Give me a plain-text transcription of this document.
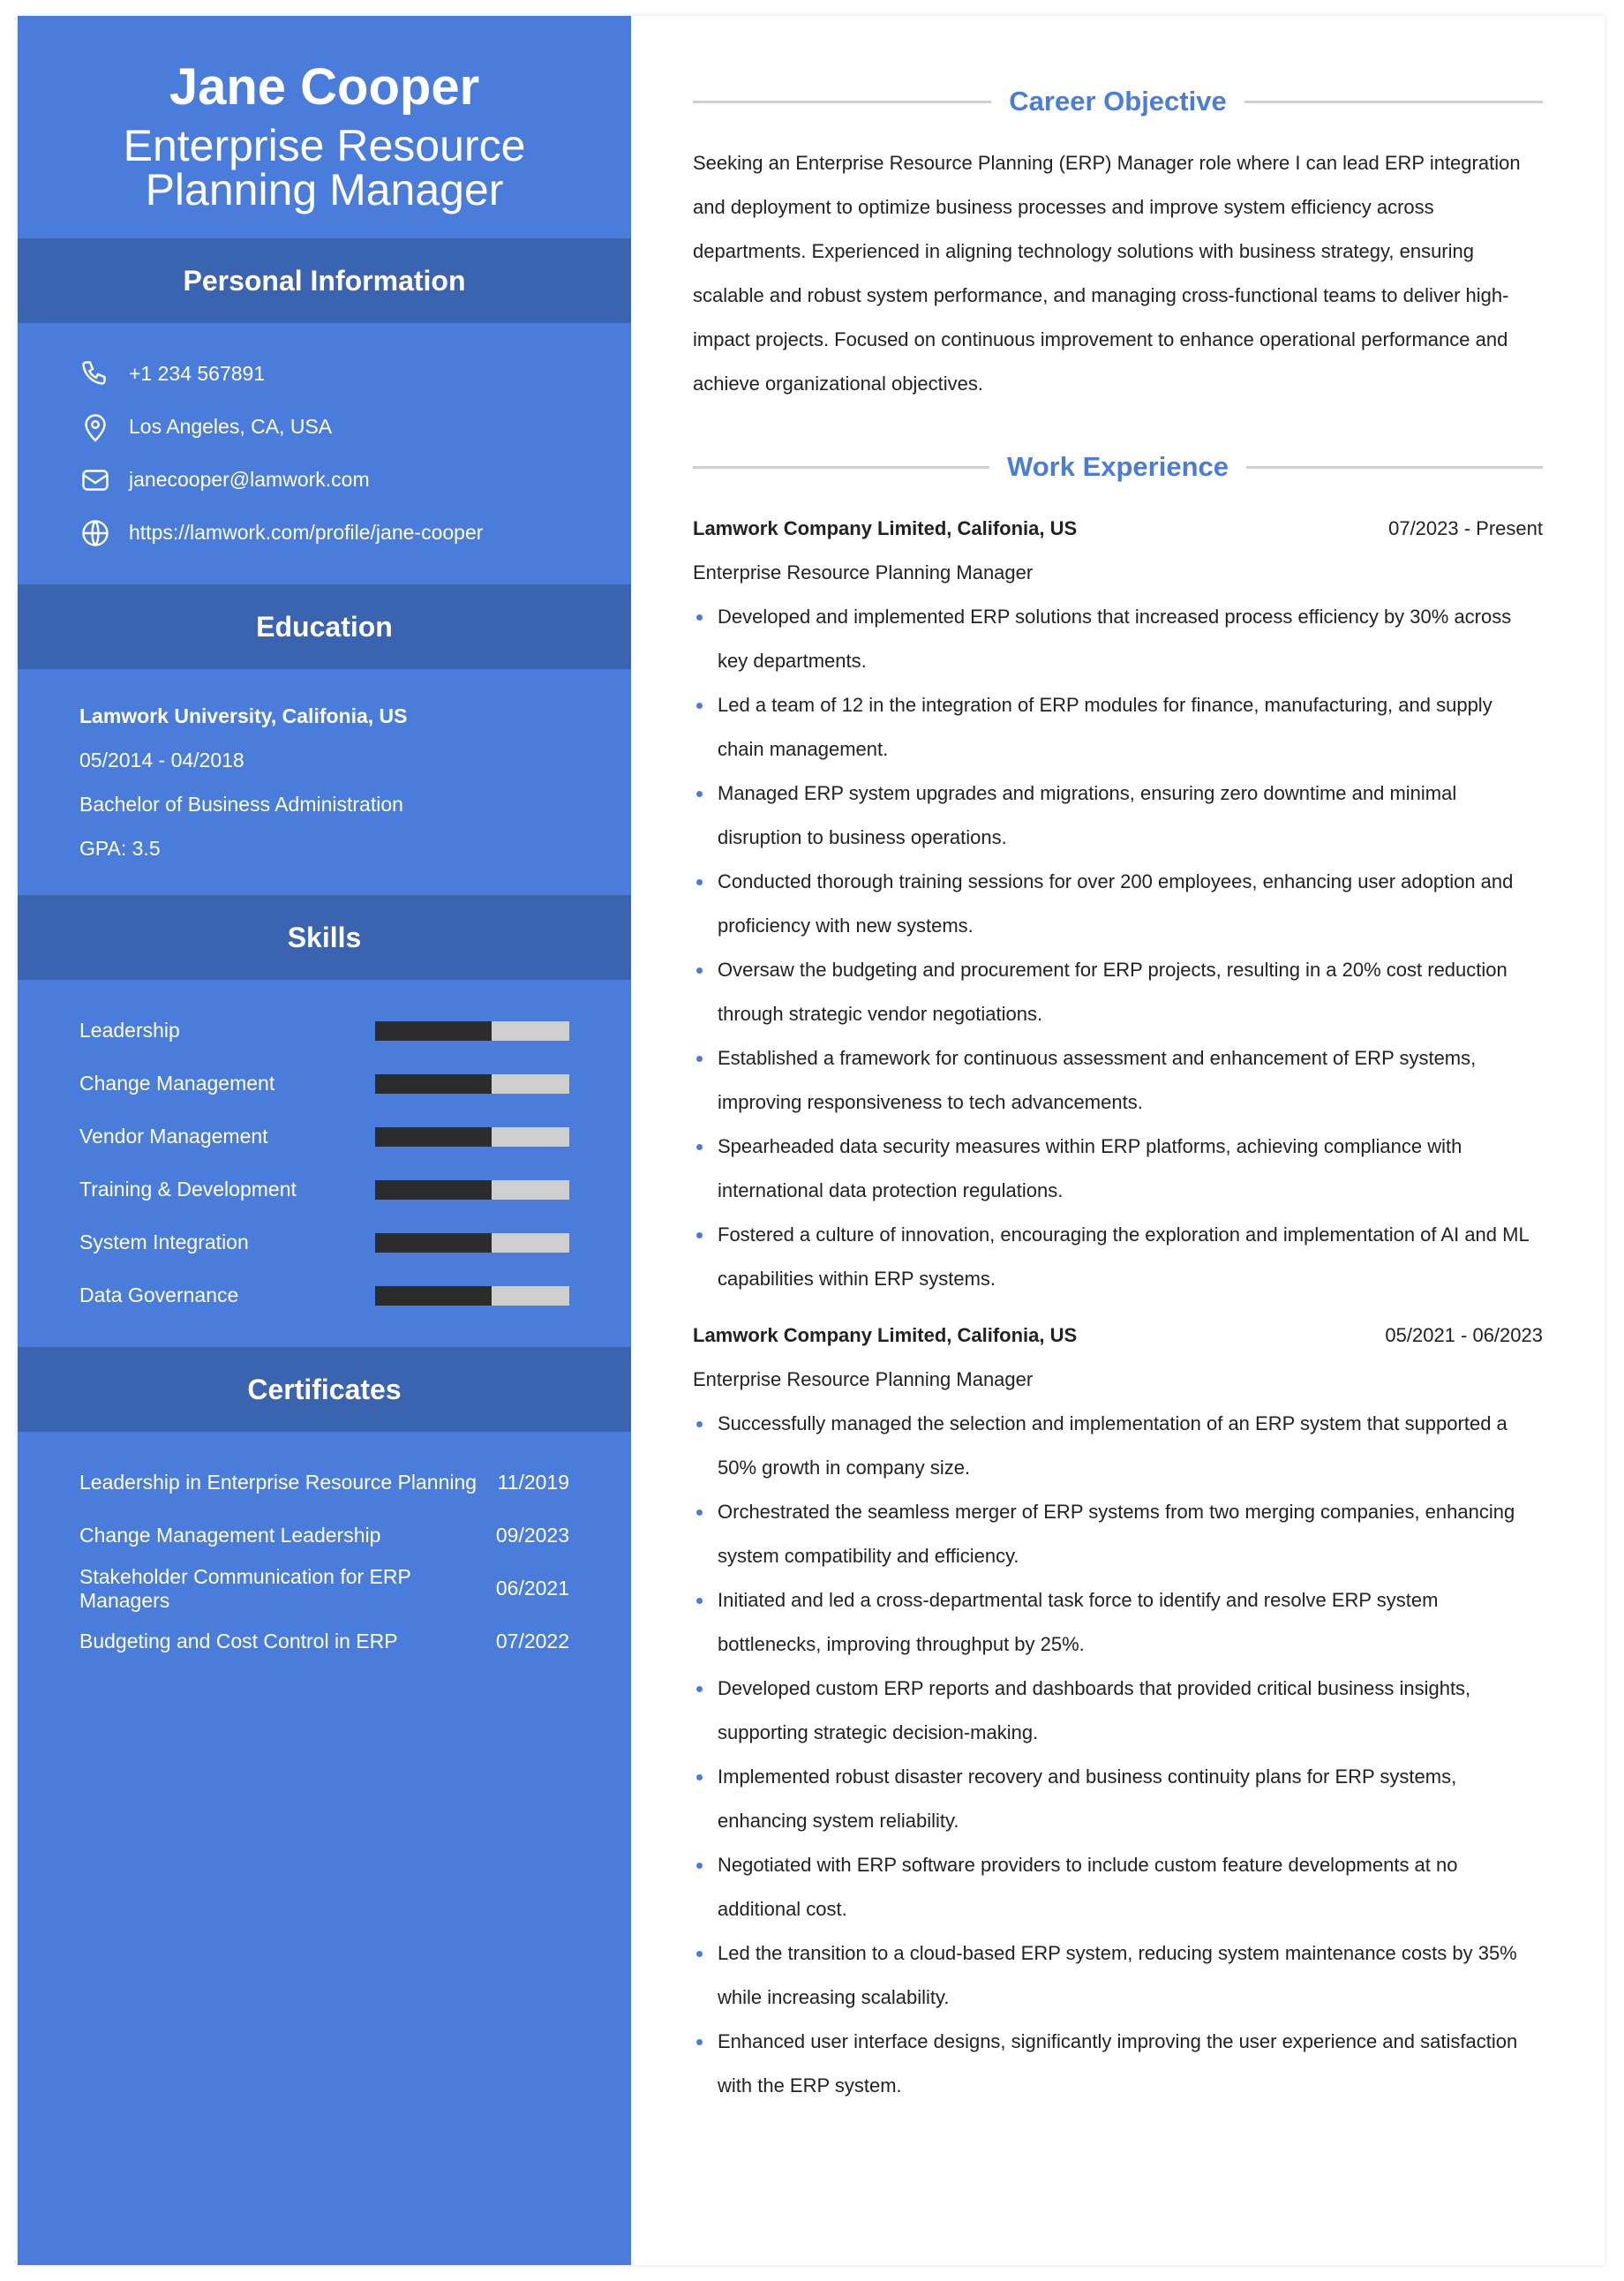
Jane Cooper
Enterprise Resource Planning Manager
Personal Information
+1 234 567891
Los Angeles, CA, USA
janecooper@lamwork.com
https://lamwork.com/profile/jane-cooper
Education
Lamwork University, Califonia, US
05/2014 - 04/2018
Bachelor of Business Administration
GPA: 3.5
Skills
Leadership
Change Management
Vendor Management
Training & Development
System Integration
Data Governance
Certificates
Leadership in Enterprise Resource Planning 11/2019
Change Management Leadership	09/2023
Stakeholder Communication for ERP Managers
06/2021
Budgeting and Cost Control in ERP	07/2022
Career Objective

Seeking an Enterprise Resource Planning (ERP) Manager role where I can lead ERP integration and deployment to optimize business processes and improve system efficiency across departments. Experienced in aligning technology solutions with business strategy, ensuring scalable and robust system performance, and managing cross-functional teams to deliver high-impact projects. Focused on continuous improvement to enhance operational performance and achieve organizational objectives.

Work Experience
Lamwork Company Limited, Califonia, US	07/2023 - Present
Enterprise Resource Planning Manager
Developed and implemented ERP solutions that increased process efficiency by 30% across key departments.
Led a team of 12 in the integration of ERP modules for finance, manufacturing, and supply chain management.
Managed ERP system upgrades and migrations, ensuring zero downtime and minimal disruption to business operations.
Conducted thorough training sessions for over 200 employees, enhancing user adoption and proficiency with new systems.
Oversaw the budgeting and procurement for ERP projects, resulting in a 20% cost reduction through strategic vendor negotiations.
Established a framework for continuous assessment and enhancement of ERP systems, improving responsiveness to tech advancements.
Spearheaded data security measures within ERP platforms, achieving compliance with international data protection regulations.
Fostered a culture of innovation, encouraging the exploration and implementation of AI and ML capabilities within ERP systems.
Lamwork Company Limited, Califonia, US	05/2021 - 06/2023
Enterprise Resource Planning Manager
Successfully managed the selection and implementation of an ERP system that supported a 50% growth in company size.
Orchestrated the seamless merger of ERP systems from two merging companies, enhancing system compatibility and efficiency.
Initiated and led a cross-departmental task force to identify and resolve ERP system bottlenecks, improving throughput by 25%.
Developed custom ERP reports and dashboards that provided critical business insights, supporting strategic decision-making.
Implemented robust disaster recovery and business continuity plans for ERP systems, enhancing system reliability.
Negotiated with ERP software providers to include custom feature developments at no additional cost.
Led the transition to a cloud-based ERP system, reducing system maintenance costs by 35% while increasing scalability.
Enhanced user interface designs, significantly improving the user experience and satisfaction with the ERP system.
